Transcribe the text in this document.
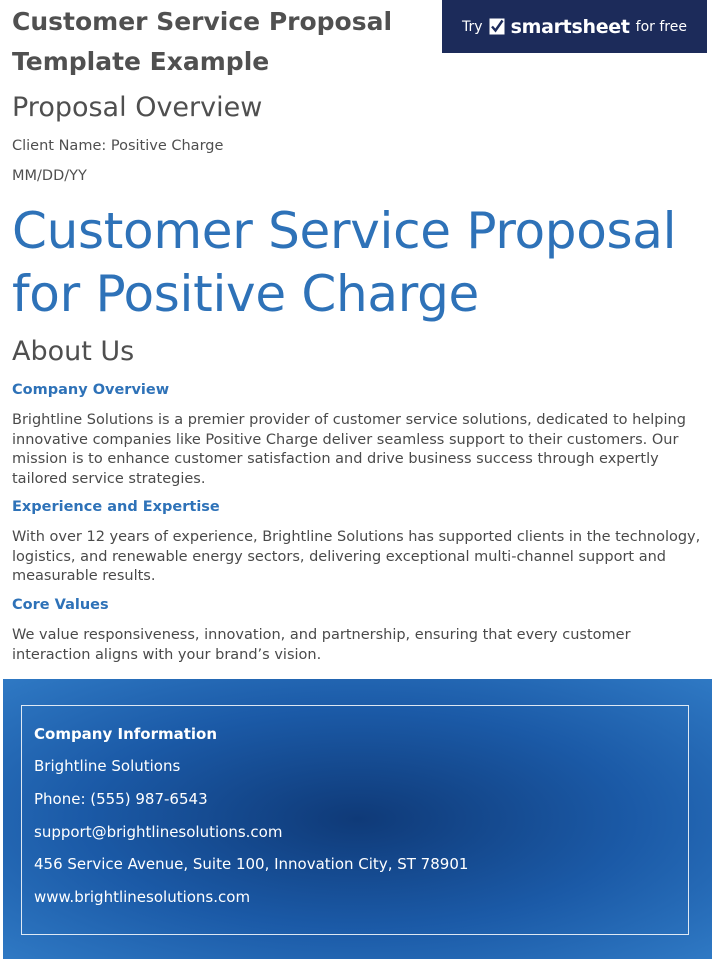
Customer Service Proposal Template Example
Try smartsheet for free
Proposal Overview

Client Name: Positive Charge

MM/DD/YY

Customer Service Proposal for Positive Charge
About Us
Company Overview

Brightline Solutions is a premier provider of customer service solutions, dedicated to helping innovative companies like Positive Charge deliver seamless support to their customers. Our mission is to enhance customer satisfaction and drive business success through expertly tailored service strategies.

Experience and Expertise

With over 12 years of experience, Brightline Solutions has supported clients in the technology, logistics, and renewable energy sectors, delivering exceptional multi-channel support and measurable results.

Core Values

We value responsiveness, innovation, and partnership, ensuring that every customer interaction aligns with your brand’s vision.

Company Information

Brightline Solutions

Phone: (555) 987-6543

support@brightlinesolutions.com

456 Service Avenue, Suite 100, Innovation City, ST 78901

www.brightlinesolutions.com
